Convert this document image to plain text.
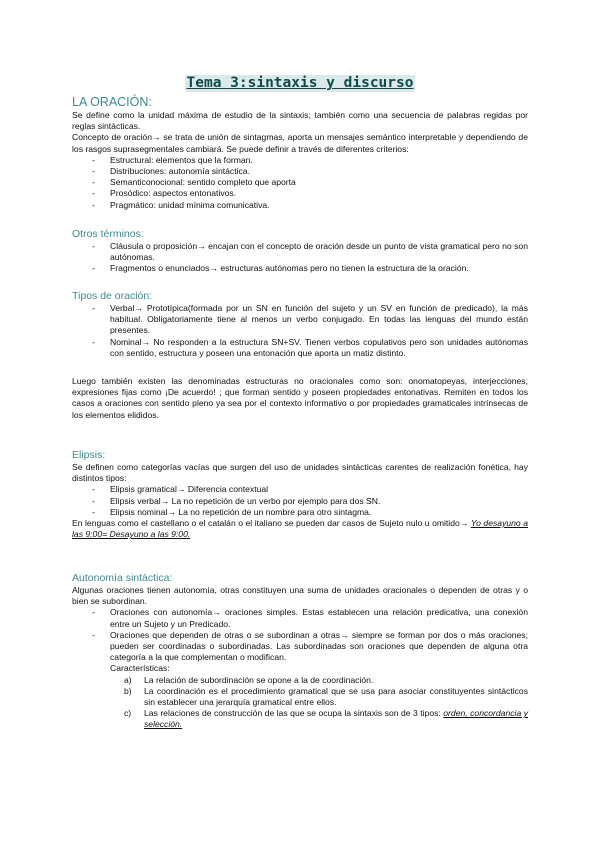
Tema 3:sintaxis y discurso
LA ORACIÓN:

Se define como la unidad máxima de estudio de la sintaxis; también como una secuencia de palabras regidas por reglas sintácticas.

Concepto de oración→ se trata de unión de sintagmas, aporta un mensajes semántico interpretable y dependiendo de los rasgos suprasegmentales cambiará. Se puede definir a través de diferentes criterios:

- Estructural: elementos que la forman.
- Distribuciones: autonomía sintáctica.
- Semanticonocional: sentido completo que aporta
- Prosódico: aspectos entonativos.
- Pragmático: unidad mínima comunicativa.
Otros términos:
- Cláusula o proposición→ encajan con el concepto de oración desde un punto de vista gramatical pero no son autónomas.
- Fragmentos o enunciados→ estructuras autónomas pero no tienen la estructura de la oración.
Tipos de oración:
- Verbal→ Prototípica(formada por un SN en función del sujeto y un SV en función de predicado), la más habitual. Obligatoriamente tiene al menos un verbo conjugado. En todas las lenguas del mundo están presentes.
- Nominal→ No responden a la estructura SN+SV. Tienen verbos copulativos pero son unidades autónomas con sentido, estructura y poseen una entonación que aporta un matiz distinto.

Luego también existen las denominadas estructuras no oracionales como son: onomatopeyas, interjecciones, expresiones fijas como ¡De acuerdo! ; que forman sentido y poseen propiedades entonativas. Remiten en todos los casos a oraciones con sentido pleno ya sea por el contexto informativo o por propiedades gramaticales intrínsecas de los elementos elididos.

Elipsis:

Se definen como categorías vacías que surgen del uso de unidades sintácticas carentes de realización fonética, hay distintos tipos:

- Elipsis gramatical→ Diferencia contextual
- Elipsis verbal→ La no repetición de un verbo por ejemplo para dos SN.
- Elipsis nominal→ La no repetición de un nombre para otro sintagma.

En lenguas como el castellano o el catalán o el italiano se pueden dar casos de Sujeto nulo u omitido→ Yo desayuno a las 9:00= Desayuno a las 9:00.

Autonomía sintáctica:

Algunas oraciones tienen autonomía, otras constituyen una suma de unidades oracionales o dependen de otras y o bien se subordinan.

- Oraciones con autonomía→ oraciones simples. Estas establecen una relación predicativa, una conexión entre un Sujeto y un Predicado.
- Oraciones que dependen de otras o se subordinan a otras→ siempre se forman por dos o más oraciones; pueden ser coordinadas o subordinadas. Las subordinadas son oraciones que dependen de alguna otra categoría a la que complementan o modifican.
Características:
a) La relación de subordinación se opone a la de coordinación.
b) La coordinación es el procedimiento gramatical que se usa para asociar constituyentes sintácticos sin establecer una jerarquía gramatical entre ellos.
c) Las relaciones de construcción de las que se ocupa la sintaxis son de 3 tipos: orden, concordancia y selección.
